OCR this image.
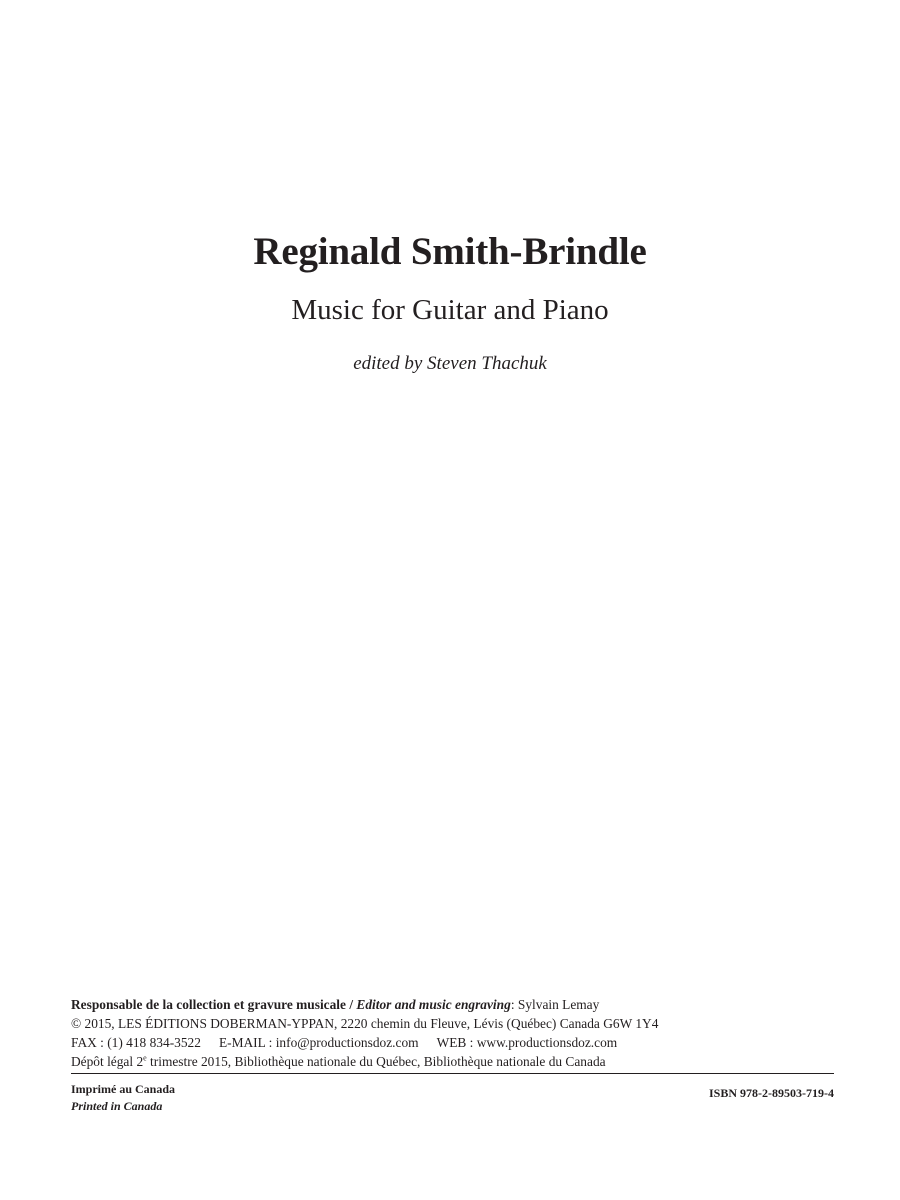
Reginald Smith-Brindle
Music for Guitar and Piano
edited by Steven Thachuk
Responsable de la collection et gravure musicale / Editor and music engraving: Sylvain Lemay
© 2015, LES ÉDITIONS DOBERMAN-YPPAN, 2220 chemin du Fleuve, Lévis (Québec) Canada G6W 1Y4
FAX : (1) 418 834-3522 E-MAIL : info@productionsdoz.com WEB : www.productionsdoz.com
Dépôt légal 2e trimestre 2015, Bibliothèque nationale du Québec, Bibliothèque nationale du Canada
Imprimé au Canada
Printed in Canada
ISBN 978-2-89503-719-4
